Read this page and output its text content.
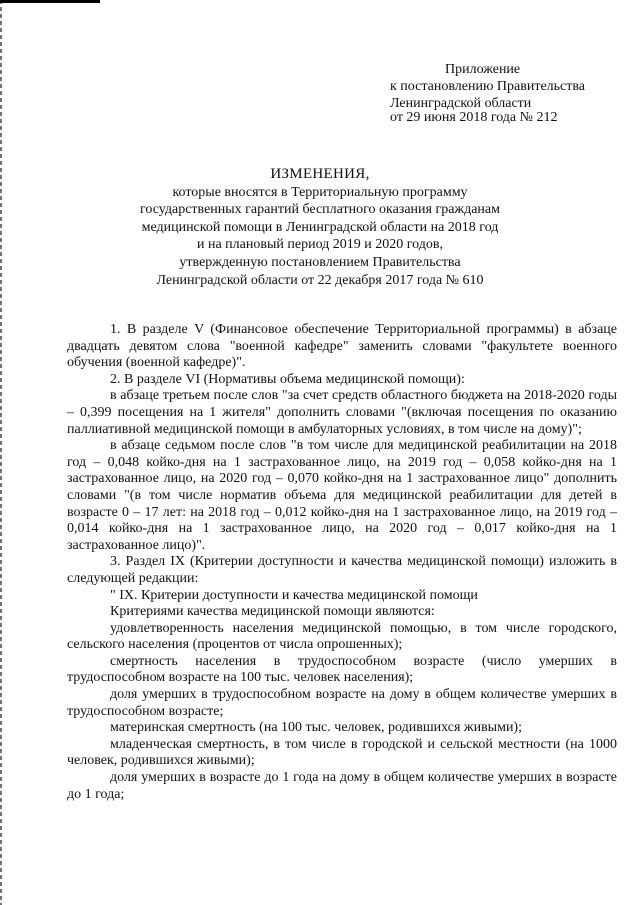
Приложение
к постановлению Правительства
Ленинградской области
от 29 июня 2018 года № 212
ИЗМЕНЕНИЯ,
которые вносятся в Территориальную программу
государственных гарантий бесплатного оказания гражданам
медицинской помощи в Ленинградской области на 2018 год
и на плановый период 2019 и 2020 годов,
утвержденную постановлением Правительства
Ленинградской области от 22 декабря 2017 года № 610

1. В разделе V (Финансовое обеспечение Территориальной программы) в абзаце двадцать девятом слова "военной кафедре" заменить словами "факультете военного обучения (военной кафедре)".

2. В разделе VI (Нормативы объема медицинской помощи):

в абзаце третьем после слов "за счет средств областного бюджета на 2018-2020 годы – 0,399 посещения на 1 жителя" дополнить словами "(включая посещения по оказанию паллиативной медицинской помощи в амбулаторных условиях, в том числе на дому)";

в абзаце седьмом после слов "в том числе для медицинской реабилитации на 2018 год – 0,048 койко-дня на 1 застрахованное лицо, на 2019 год – 0,058 койко-дня на 1 застрахованное лицо, на 2020 год – 0,070 койко-дня на 1 застрахованное лицо" дополнить словами "(в том числе норматив объема для медицинской реабилитации для детей в возрасте 0 – 17 лет: на 2018 год – 0,012 койко-дня на 1 застрахованное лицо, на 2019 год – 0,014 койко-дня на 1 застрахованное лицо, на 2020 год – 0,017 койко-дня на 1 застрахованное лицо)".

3. Раздел IX (Критерии доступности и качества медицинской помощи) изложить в следующей редакции:

" IX. Критерии доступности и качества медицинской помощи

Критериями качества медицинской помощи являются:

удовлетворенность населения медицинской помощью, в том числе городского, сельского населения (процентов от числа опрошенных);

смертность населения в трудоспособном возрасте (число умерших в трудоспособном возрасте на 100 тыс. человек населения);

доля умерших в трудоспособном возрасте на дому в общем количестве умерших в трудоспособном возрасте;

материнская смертность (на 100 тыс. человек, родившихся живыми);

младенческая смертность, в том числе в городской и сельской местности (на 1000 человек, родившихся живыми);

доля умерших в возрасте до 1 года на дому в общем количестве умерших в возрасте до 1 года;
